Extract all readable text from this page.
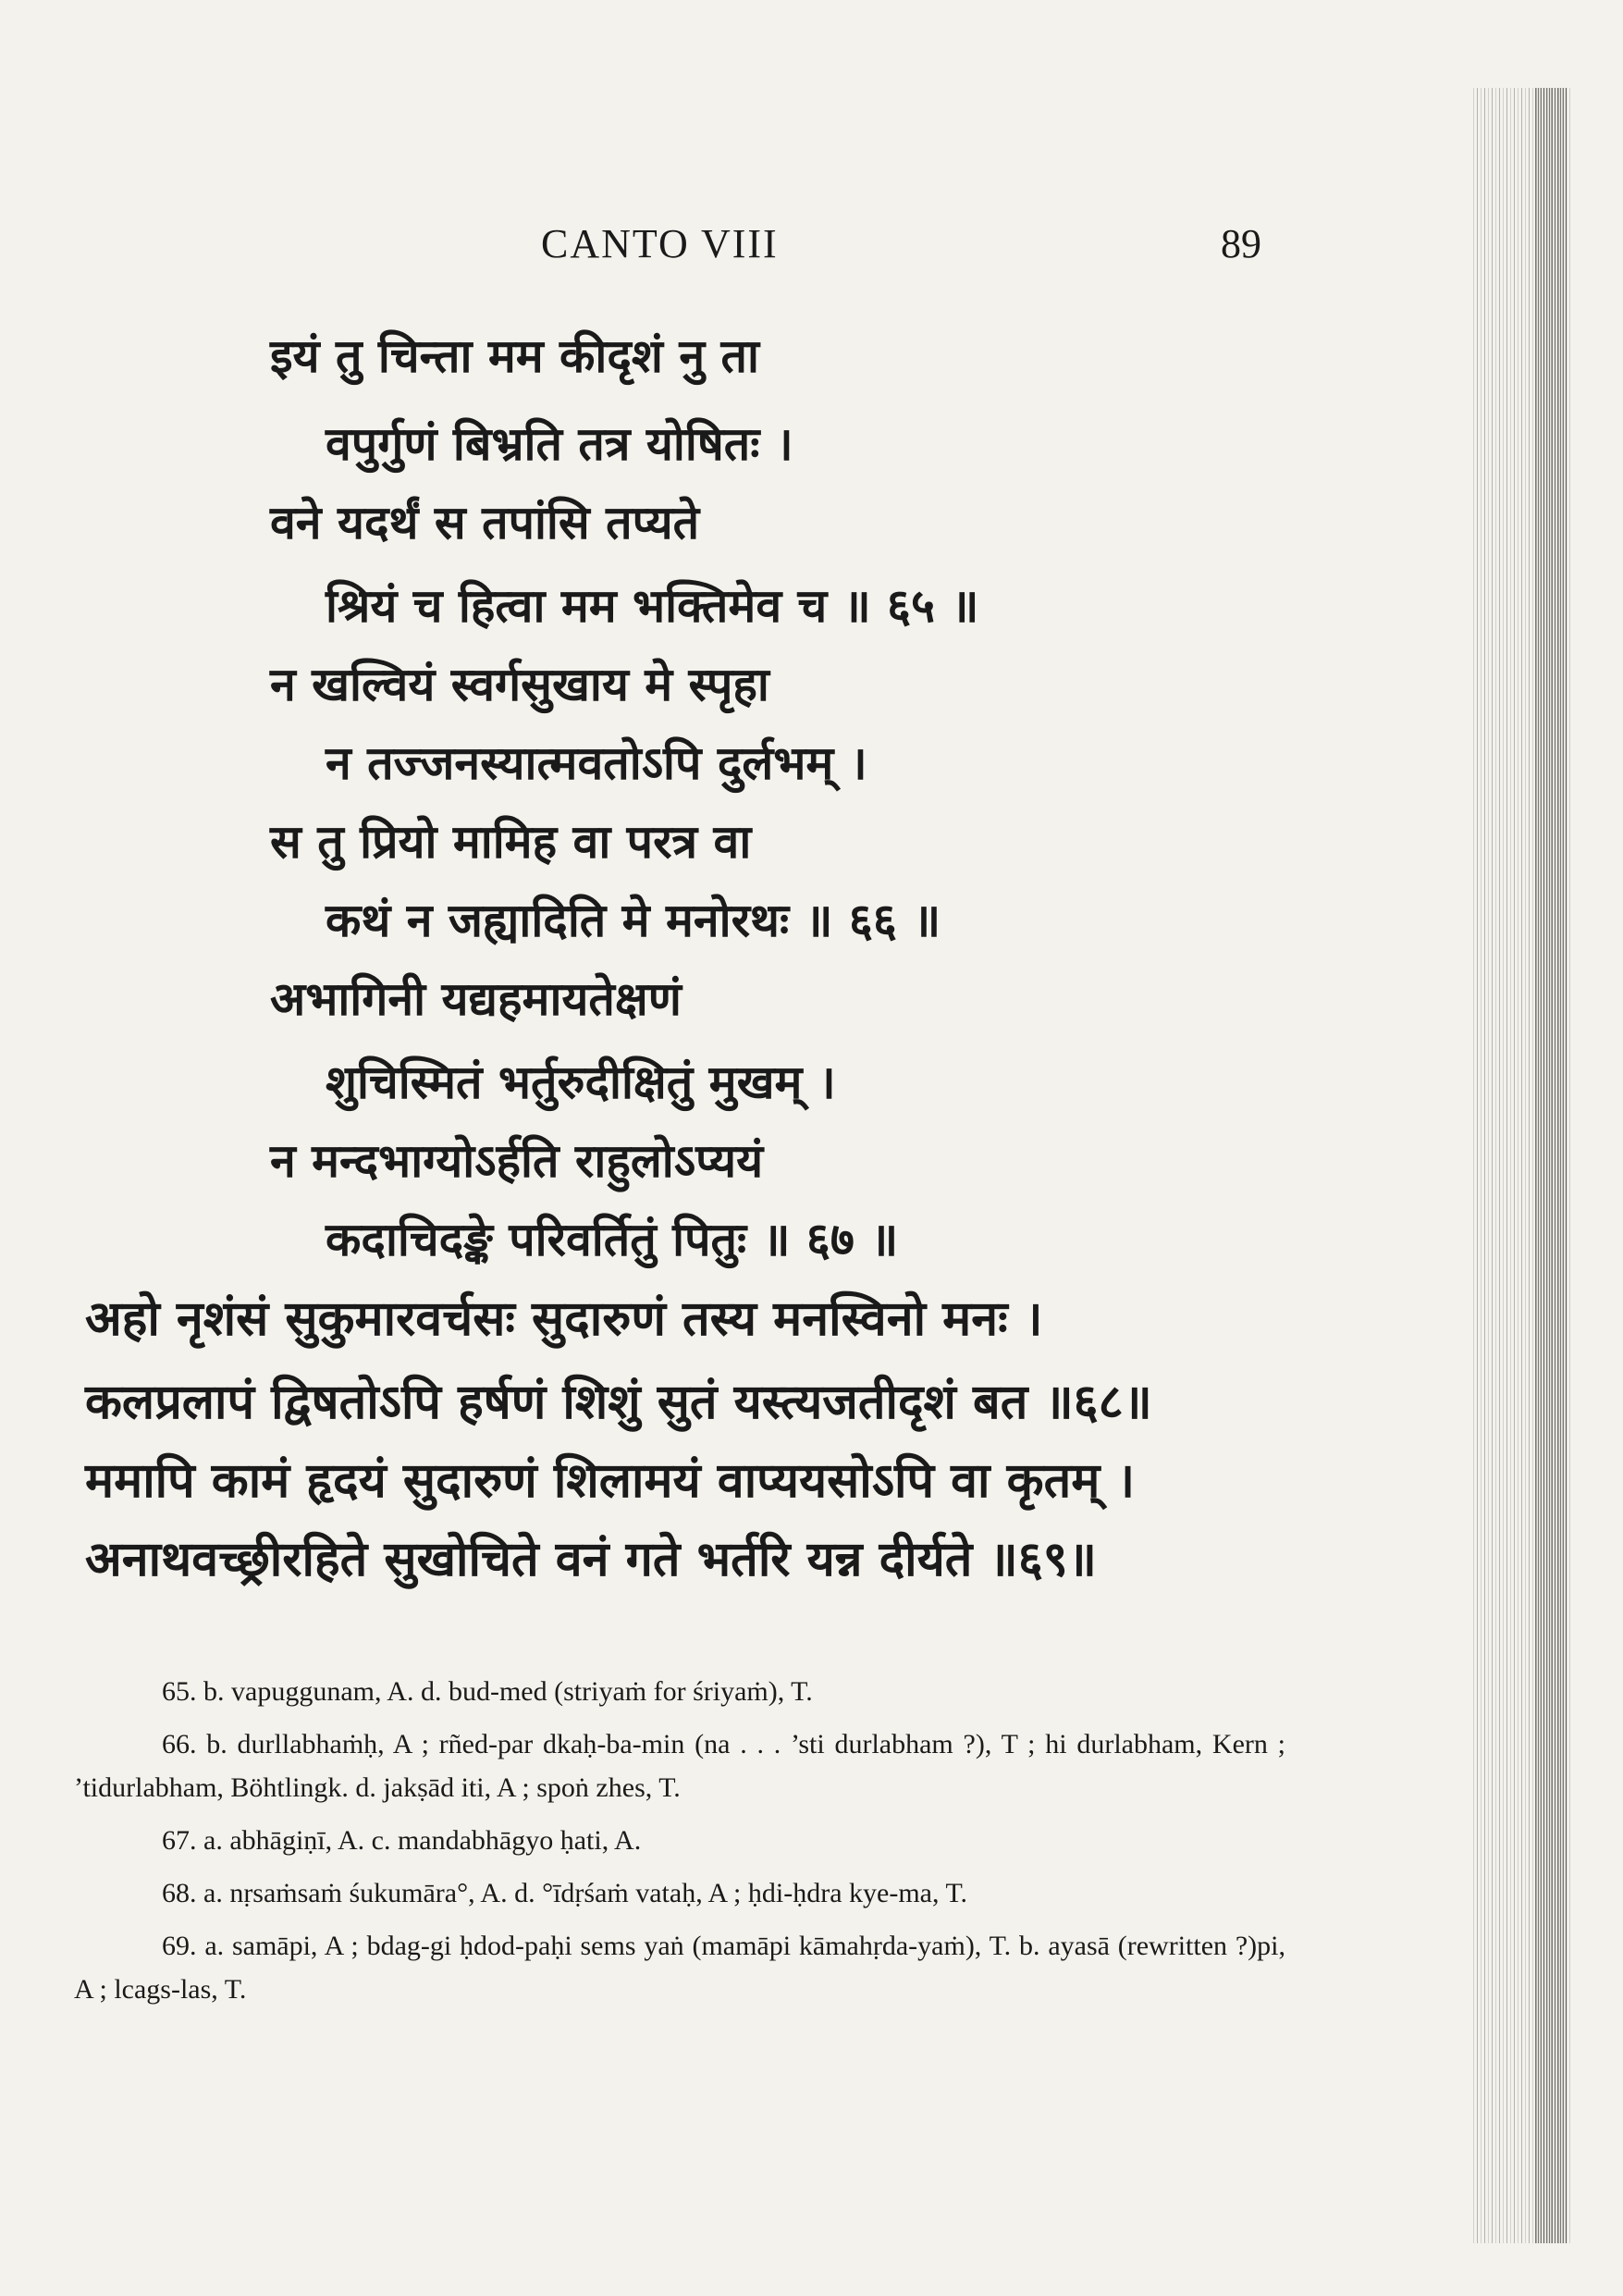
CANTO VIII	89
इयं तु चिन्ता मम कीदृशं नु ता
वपुर्गुणं बिभ्रति तत्र योषितः ।
वने यदर्थं स तपांसि तप्यते
श्रियं च हित्वा मम भक्तिमेव च ॥ ६५ ॥
न खल्वियं स्वर्गसुखाय मे स्पृहा
न तज्जनस्यात्मवतोऽपि दुर्लभम् ।
स तु प्रियो मामिह वा परत्र वा
कथं न जह्यादिति मे मनोरथः ॥ ६६ ॥
अभागिनी यद्यहमायतेक्षणं
शुचिस्मितं भर्तुरुदीक्षितुं मुखम् ।
न मन्दभाग्योऽर्हति राहुलोऽप्ययं
कदाचिदङ्के परिवर्तितुं पितुः ॥ ६७ ॥
अहो नृशंसं सुकुमारवर्चसः सुदारुणं तस्य मनस्विनो मनः ।
कलप्रलापं द्विषतोऽपि हर्षणं शिशुं सुतं यस्त्यजतीदृशं बत ॥६८॥
ममापि कामं हृदयं सुदारुणं शिलामयं वाप्ययसोऽपि वा कृतम् ।
अनाथवच्छ्रीरहिते सुखोचिते वनं गते भर्तरि यन्न दीर्यते ॥६९॥

65. b. vapuggunam, A. d. bud-med (striyaṁ for śriyaṁ), T.

66. b. durllabhaṁḥ, A ; rñed-par dkaḥ-ba-min (na . . . ’sti durlabham ?), T ; hi durlabham, Kern ; ’tidurlabham, Böhtlingk. d. jakṣād iti, A ; spoṅ zhes, T.

67. a. abhāgiṇī, A. c. mandabhāgyo ḥati, A.

68. a. nṛsaṁsaṁ śukumāra°, A. d. °īdṛśaṁ vataḥ, A ; ḥdi-ḥdra kye-ma, T.

69. a. samāpi, A ; bdag-gi ḥdod-paḥi sems yaṅ (mamāpi kāmahṛda-yaṁ), T. b. ayasā (rewritten ?)pi, A ; lcags-las, T.
